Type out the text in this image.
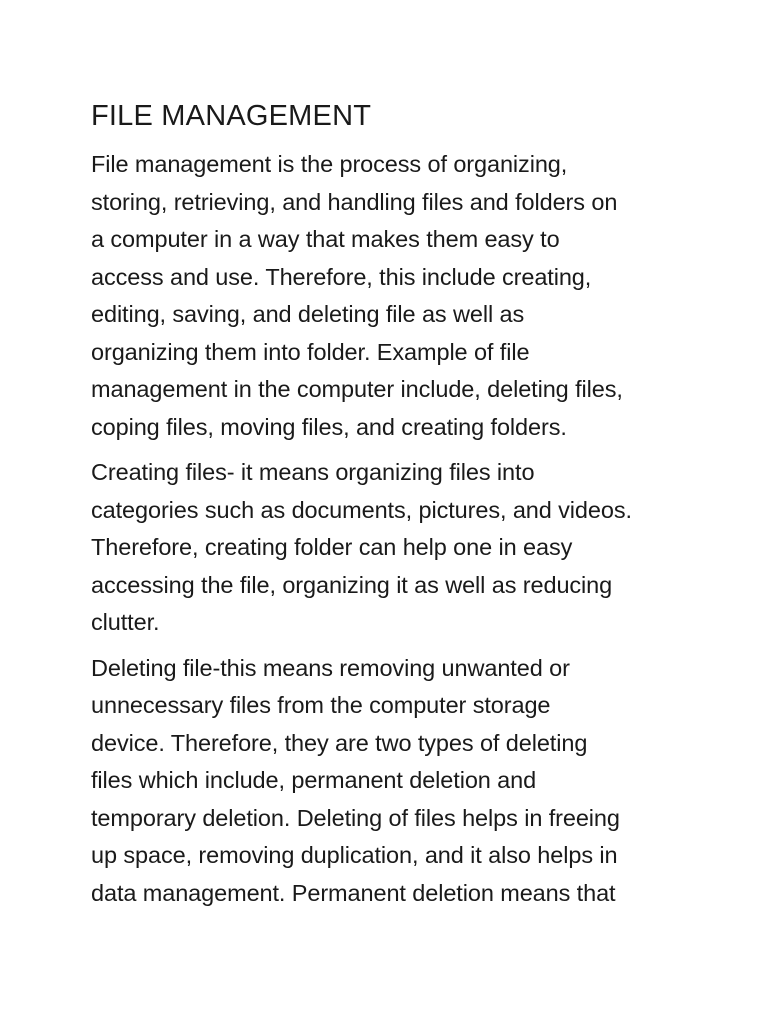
FILE MANAGEMENT
File management is the process of organizing,
storing, retrieving, and handling files and folders on
a computer in a way that makes them easy to
access and use. Therefore, this include creating,
editing, saving, and deleting file as well as
organizing them into folder. Example of file
management in the computer include, deleting files,
coping files, moving files, and creating folders.
Creating files- it means organizing files into
categories such as documents, pictures, and videos.
Therefore, creating folder can help one in easy
accessing the file, organizing it as well as reducing
clutter.
Deleting file-this means removing unwanted or
unnecessary files from the computer storage
device. Therefore, they are two types of deleting
files which include, permanent deletion and
temporary deletion. Deleting of files helps in freeing
up space, removing duplication, and it also helps in
data management. Permanent deletion means that
